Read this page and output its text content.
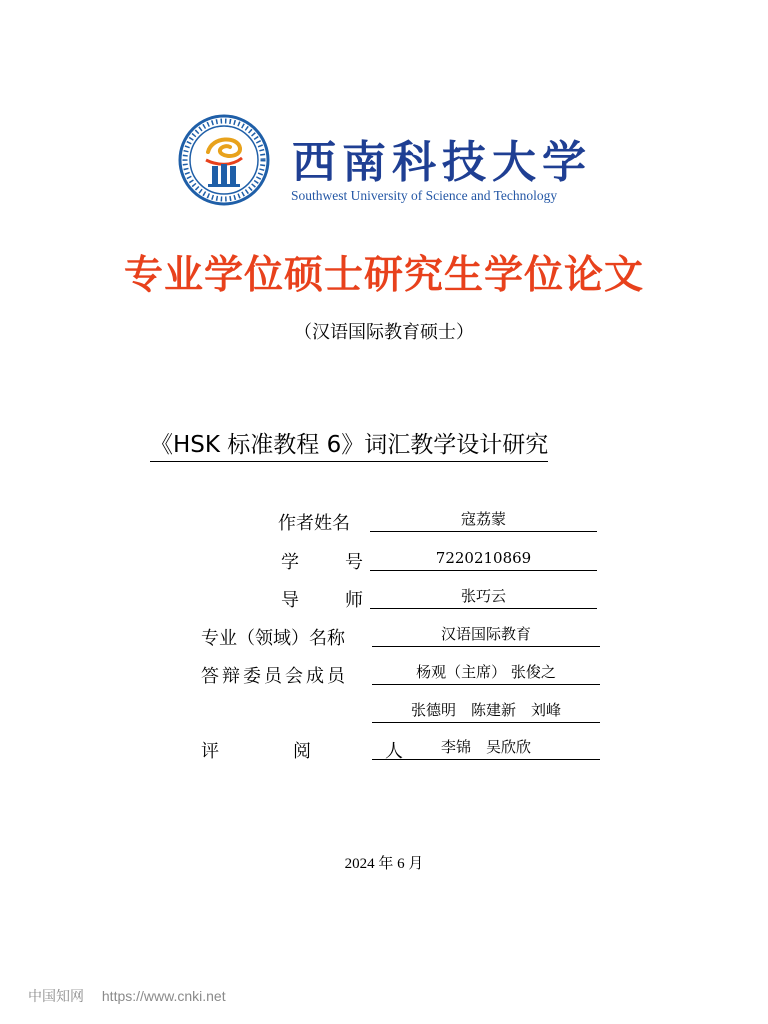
西南科技大学
Southwest University of Science and Technology
专业学位硕士研究生学位论文
（汉语国际教育硕士）
《HSK 标准教程 6》词汇教学设计研究
作者姓名	寇荔蒙
学　号	7220210869
导　师	张巧云
专业（领域）名称	汉语国际教育
答辩委员会成员	杨观（主席） 张俊之
张德明　陈建新　刘峰
评　阅　人 李锦　吴欣欣
2024 年 6 月
中国知网 https://www.cnki.net
